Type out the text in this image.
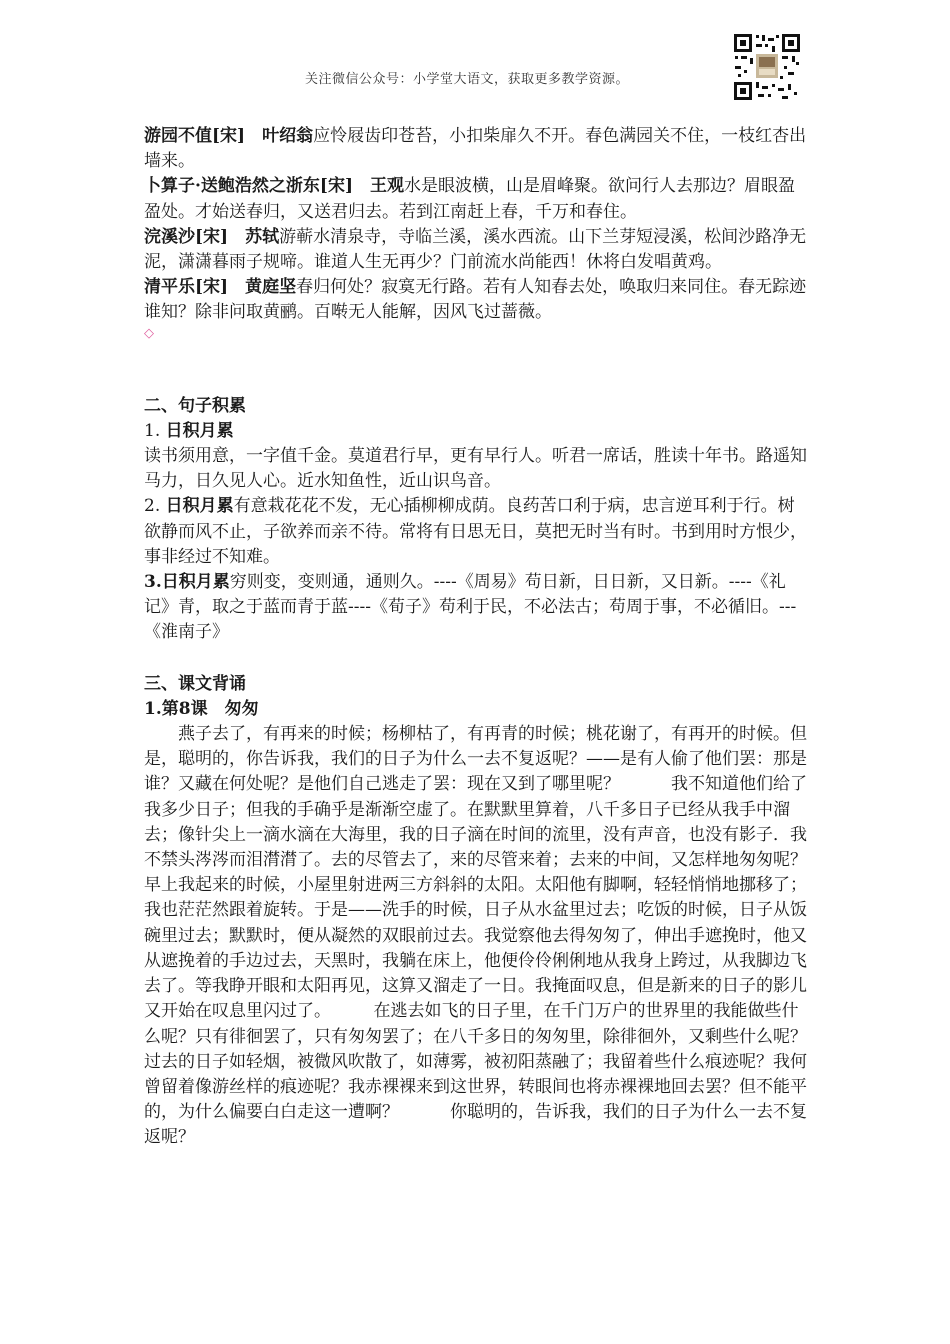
关注微信公众号：小学堂大语文，获取更多教学资源。

游园不值[宋]　叶绍翁应怜屐齿印苍苔，小扣柴扉久不开。春色满园关不住，一枝红杏出墙来。

卜算子·送鲍浩然之浙东[宋]　王观水是眼波横，山是眉峰聚。欲问行人去那边？眉眼盈盈处。才始送春归，又送君归去。若到江南赶上春，千万和春住。

浣溪沙[宋]　苏轼游蕲水清泉寺，寺临兰溪，溪水西流。山下兰芽短浸溪，松间沙路净无泥，潇潇暮雨子规啼。谁道人生无再少？门前流水尚能西！休将白发唱黄鸡。

清平乐[宋]　黄庭坚春归何处？寂寞无行路。若有人知春去处，唤取归来同住。春无踪迹谁知？除非问取黄鹂。百啭无人能解，因风飞过蔷薇。

◇

二、句子积累

1. 日积月累

读书须用意，一字值千金。莫道君行早，更有早行人。听君一席话，胜读十年书。路遥知马力，日久见人心。近水知鱼性，近山识鸟音。

2. 日积月累有意栽花花不发，无心插柳柳成荫。良药苦口利于病，忠言逆耳利于行。树欲静而风不止，子欲养而亲不待。常将有日思无日，莫把无时当有时。书到用时方恨少，事非经过不知难。

3.日积月累穷则变，变则通，通则久。----《周易》苟日新，日日新，又日新。----《礼记》青，取之于蓝而青于蓝----《荀子》苟利于民，不必法古；苟周于事，不必循旧。---《淮南子》

三、课文背诵

1.第8课　匆匆

燕子去了，有再来的时候；杨柳枯了，有再青的时候；桃花谢了，有再开的时候。但是，聪明的，你告诉我，我们的日子为什么一去不复返呢？——是有人偷了他们罢：那是谁？又藏在何处呢？是他们自己逃走了罢：现在又到了哪里呢？　　　我不知道他们给了我多少日子；但我的手确乎是渐渐空虚了。在默默里算着，八千多日子已经从我手中溜去；像针尖上一滴水滴在大海里，我的日子滴在时间的流里，没有声音，也没有影子．我不禁头涔涔而泪潸潸了。去的尽管去了，来的尽管来着；去来的中间，又怎样地匆匆呢？早上我起来的时候，小屋里射进两三方斜斜的太阳。太阳他有脚啊，轻轻悄悄地挪移了；我也茫茫然跟着旋转。于是——洗手的时候，日子从水盆里过去；吃饭的时候，日子从饭碗里过去；默默时，便从凝然的双眼前过去。我觉察他去得匆匆了，伸出手遮挽时，他又从遮挽着的手边过去，天黑时，我躺在床上，他便伶伶俐俐地从我身上跨过，从我脚边飞去了。等我睁开眼和太阳再见，这算又溜走了一日。我掩面叹息，但是新来的日子的影儿又开始在叹息里闪过了。　　　在逃去如飞的日子里，在千门万户的世界里的我能做些什么呢？只有徘徊罢了，只有匆匆罢了；在八千多日的匆匆里，除徘徊外，又剩些什么呢？过去的日子如轻烟，被微风吹散了，如薄雾，被初阳蒸融了；我留着些什么痕迹呢？我何曾留着像游丝样的痕迹呢？我赤裸裸来到这世界，转眼间也将赤裸裸地回去罢？但不能平的，为什么偏要白白走这一遭啊？　　　你聪明的，告诉我，我们的日子为什么一去不复返呢？
